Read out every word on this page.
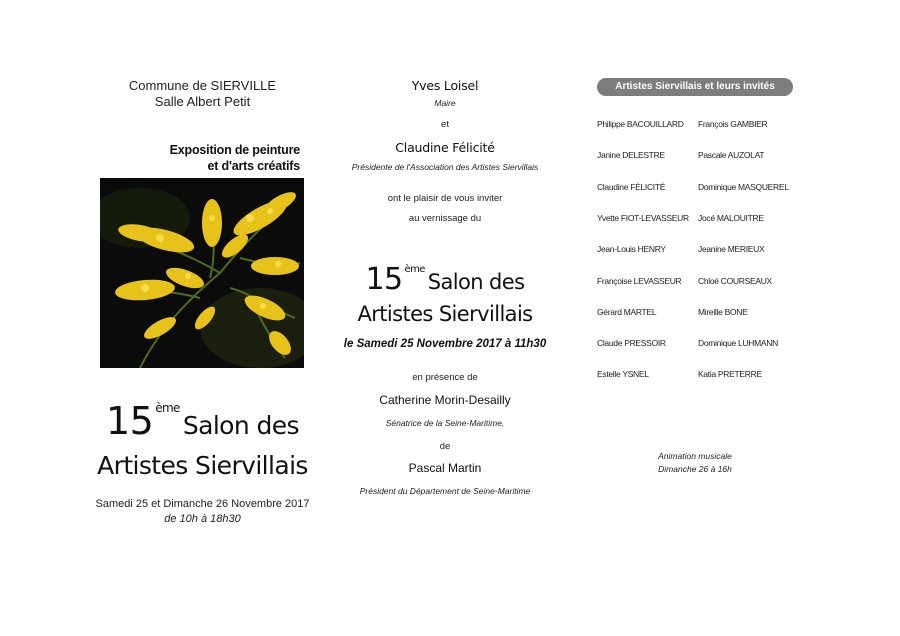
Commune de SIERVILLE
Salle Albert Petit
Exposition de peinture
et d'arts créatifs
15 $^{ème}$Salon des
Artistes Siervillais
Samedi 25 et Dimanche 26 Novembre 2017
de 10h à 18h30
Yves Loisel
Maire
et
Claudine Félicité
Présidente de l'Association des Artistes Siervillais
ont le plaisir de vous inviter
au vernissage du
15 $^{ème}$Salon des
Artistes Siervillais
le Samedi 25 Novembre 2017 à 11h30
en présence de
Catherine Morin-Desailly
Sénatrice de la Seine-Maritime,
de
Pascal Martin
Président du Département de Seine-Maritime
Artistes Siervillais et leurs invités
Philippe BACOUILLARD François GAMBIER
Janine DELESTRE	Pascale AUZOLAT
Claudine FÉLICITÉ	Dominique MASQUEREL
Yvette FIOT-LEVASSEUR Jocé MALOUITRE
Jean-Louis HENRY	Jeanine MERIEUX
Françoise LEVASSEUR Chloé COURSEAUX
Gérard MARTEL	Mireille BONE
Claude PRESSOIR	Dominique LUHMANN
Estelle YSNEL	Katia PRETERRE
Animation musicale
Dimanche 26 à 16h
